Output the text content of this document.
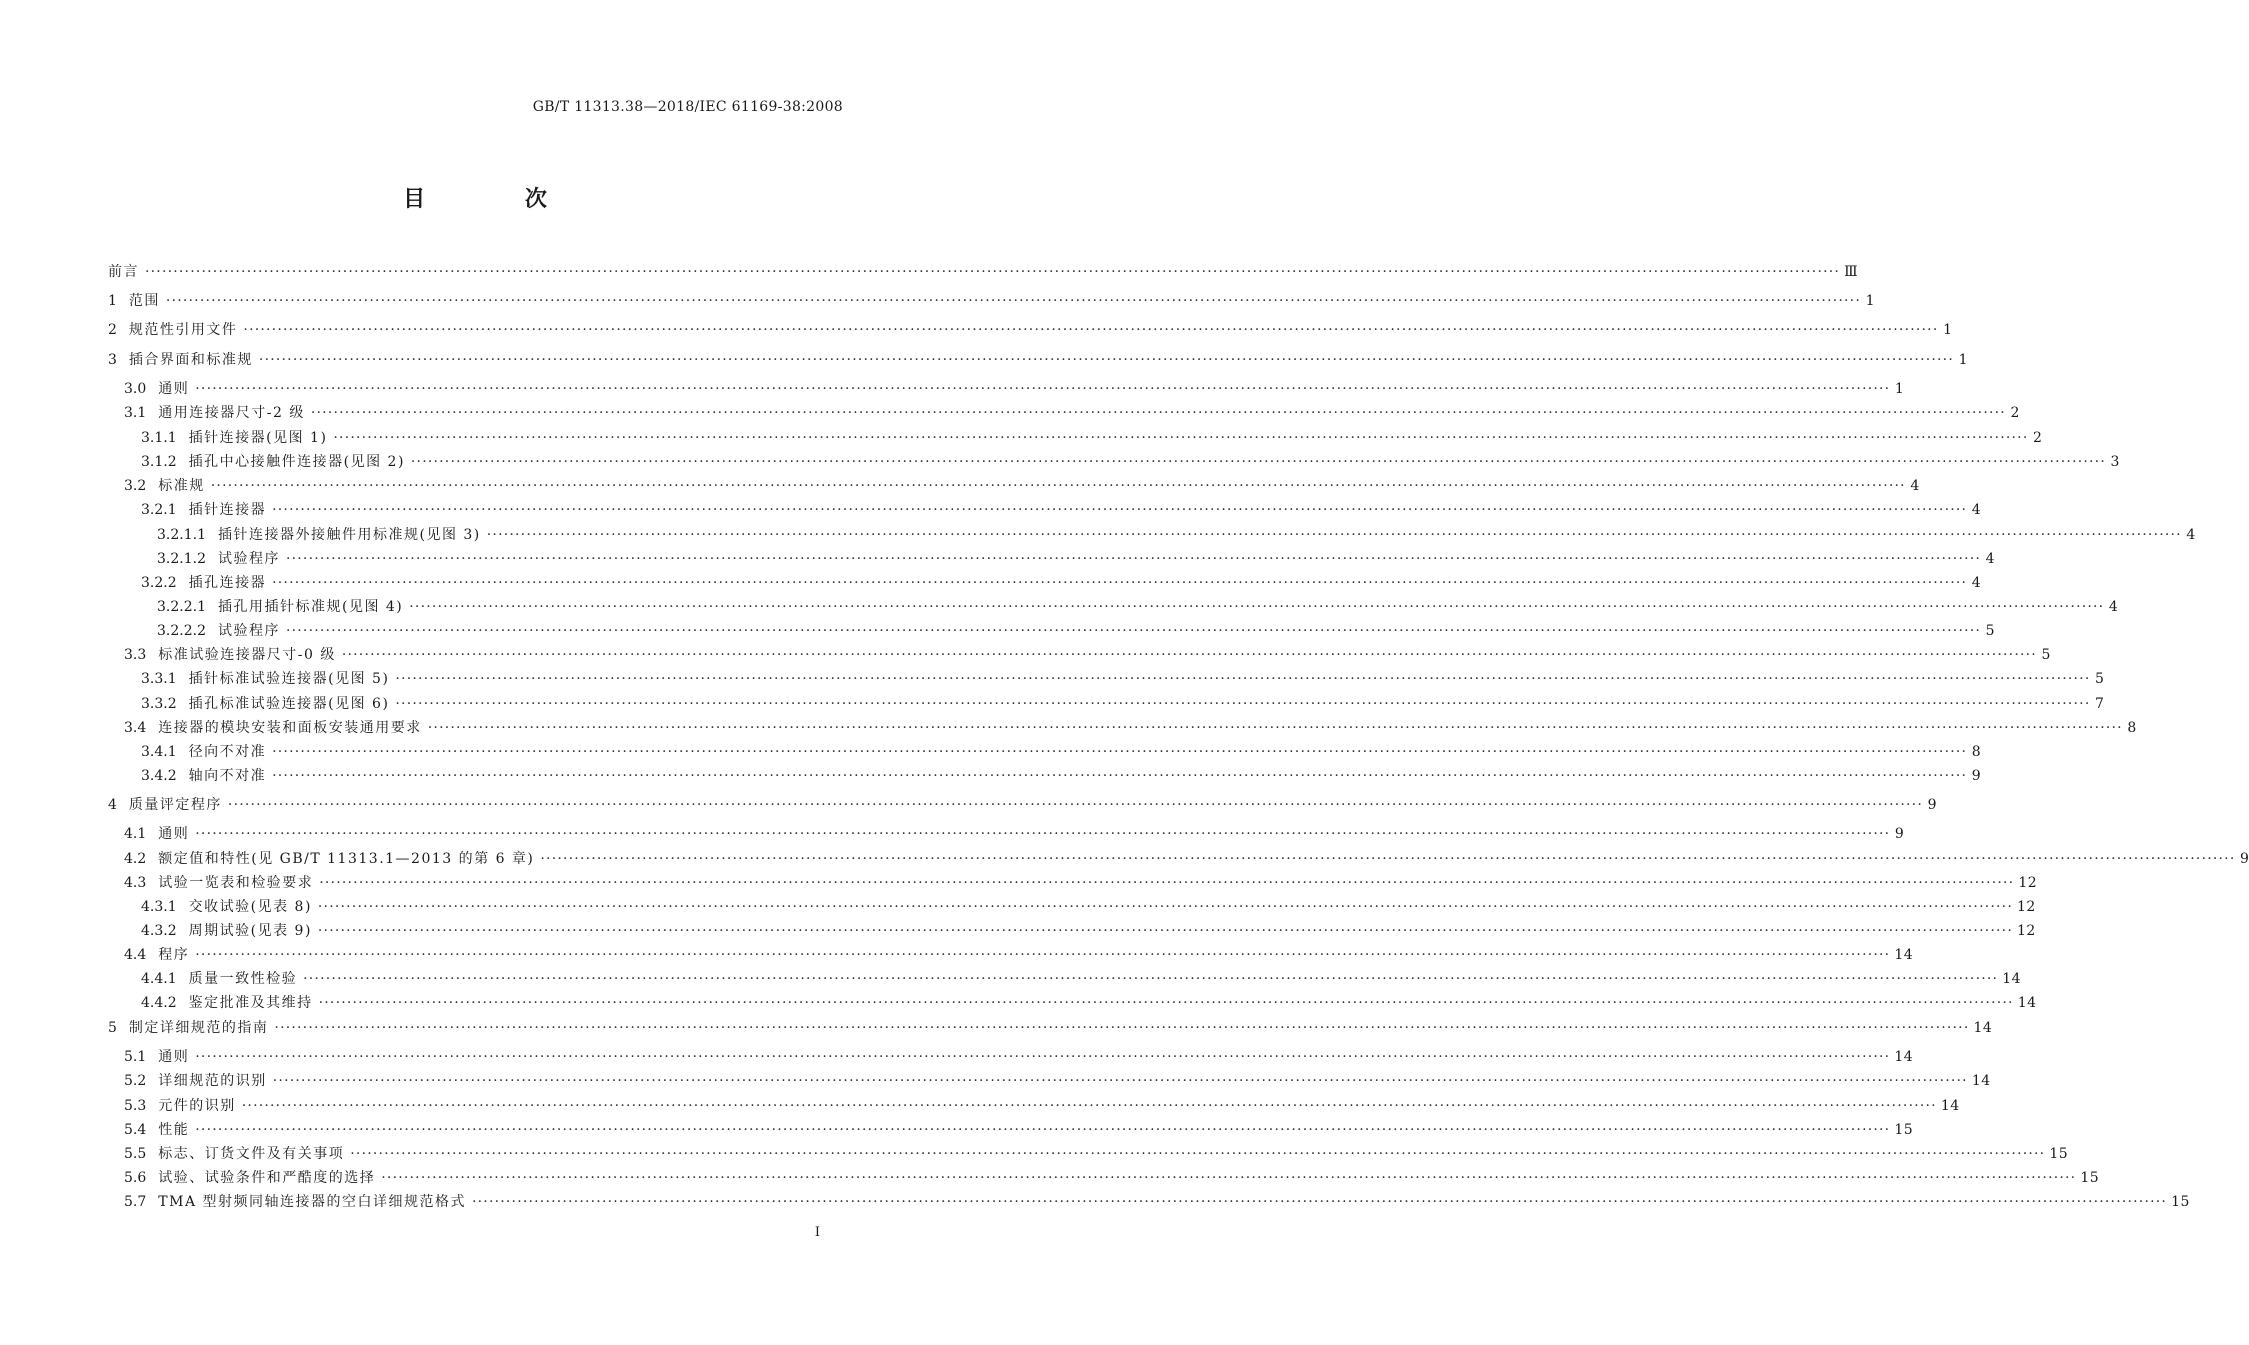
GB/T 11313.38—2018/IEC 61169-38:2008
目 次
前言 ············································································································································································································································································································ Ⅲ
1 范围 ············································································································································································································································································································ 1
2 规范性引用文件 ············································································································································································································································································································ 1
3 插合界面和标准规 ············································································································································································································································································································ 1
3.0 通则 ············································································································································································································································································································ 1
3.1 通用连接器尺寸-2 级 ············································································································································································································································································································ 2
3.1.1 插针连接器(见图 1) ············································································································································································································································································································ 2
3.1.2 插孔中心接触件连接器(见图 2) ············································································································································································································································································································ 3
3.2 标准规 ············································································································································································································································································································ 4
3.2.1 插针连接器 ············································································································································································································································································································ 4
3.2.1.1 插针连接器外接触件用标准规(见图 3) ············································································································································································································································································································ 4
3.2.1.2 试验程序 ············································································································································································································································································································ 4
3.2.2 插孔连接器 ············································································································································································································································································································ 4
3.2.2.1 插孔用插针标准规(见图 4) ············································································································································································································································································································ 4
3.2.2.2 试验程序 ············································································································································································································································································································ 5
3.3 标准试验连接器尺寸-0 级 ············································································································································································································································································································ 5
3.3.1 插针标准试验连接器(见图 5) ············································································································································································································································································································ 5
3.3.2 插孔标准试验连接器(见图 6) ············································································································································································································································································································ 7
3.4 连接器的模块安装和面板安装通用要求 ············································································································································································································································································································ 8
3.4.1 径向不对准 ············································································································································································································································································································ 8
3.4.2 轴向不对准 ············································································································································································································································································································ 9
4 质量评定程序 ············································································································································································································································································································ 9
4.1 通则 ············································································································································································································································································································ 9
4.2 额定值和特性(见 GB/T 11313.1—2013 的第 6 章) ············································································································································································································································································································ 9
4.3 试验一览表和检验要求 ············································································································································································································································································································ 12
4.3.1 交收试验(见表 8) ············································································································································································································································································································ 12
4.3.2 周期试验(见表 9) ············································································································································································································································································································ 12
4.4 程序 ············································································································································································································································································································ 14
4.4.1 质量一致性检验 ············································································································································································································································································································ 14
4.4.2 鉴定批准及其维持 ············································································································································································································································································································ 14
5 制定详细规范的指南 ············································································································································································································································································································ 14
5.1 通则 ············································································································································································································································································································ 14
5.2 详细规范的识别 ············································································································································································································································································································ 14
5.3 元件的识别 ············································································································································································································································································································ 14
5.4 性能 ············································································································································································································································································································ 15
5.5 标志、订货文件及有关事项 ············································································································································································································································································································ 15
5.6 试验、试验条件和严酷度的选择 ············································································································································································································································································································ 15
5.7 TMA 型射频同轴连接器的空白详细规范格式 ············································································································································································································································································································ 15
Ⅰ
